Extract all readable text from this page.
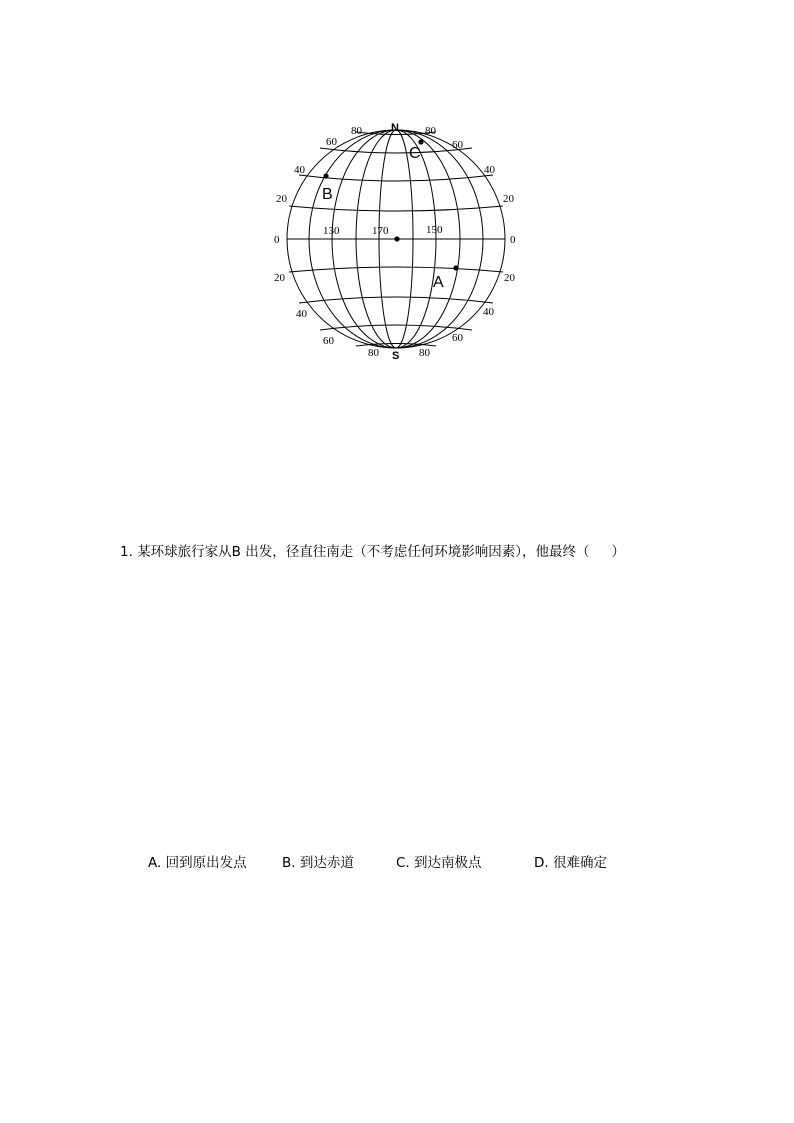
N
S
80
60
40
20
0
20
40
60
80
80
60
40
20
0
20
40
60
80
130	170	150
B
C
A
1. 某环球旅行家从B 出发，径直往南走（不考虑任何环境影响因素），他最终（ ）
A. 回到原出发点	B. 到达赤道	C. 到达南极点	D. 很难确定
